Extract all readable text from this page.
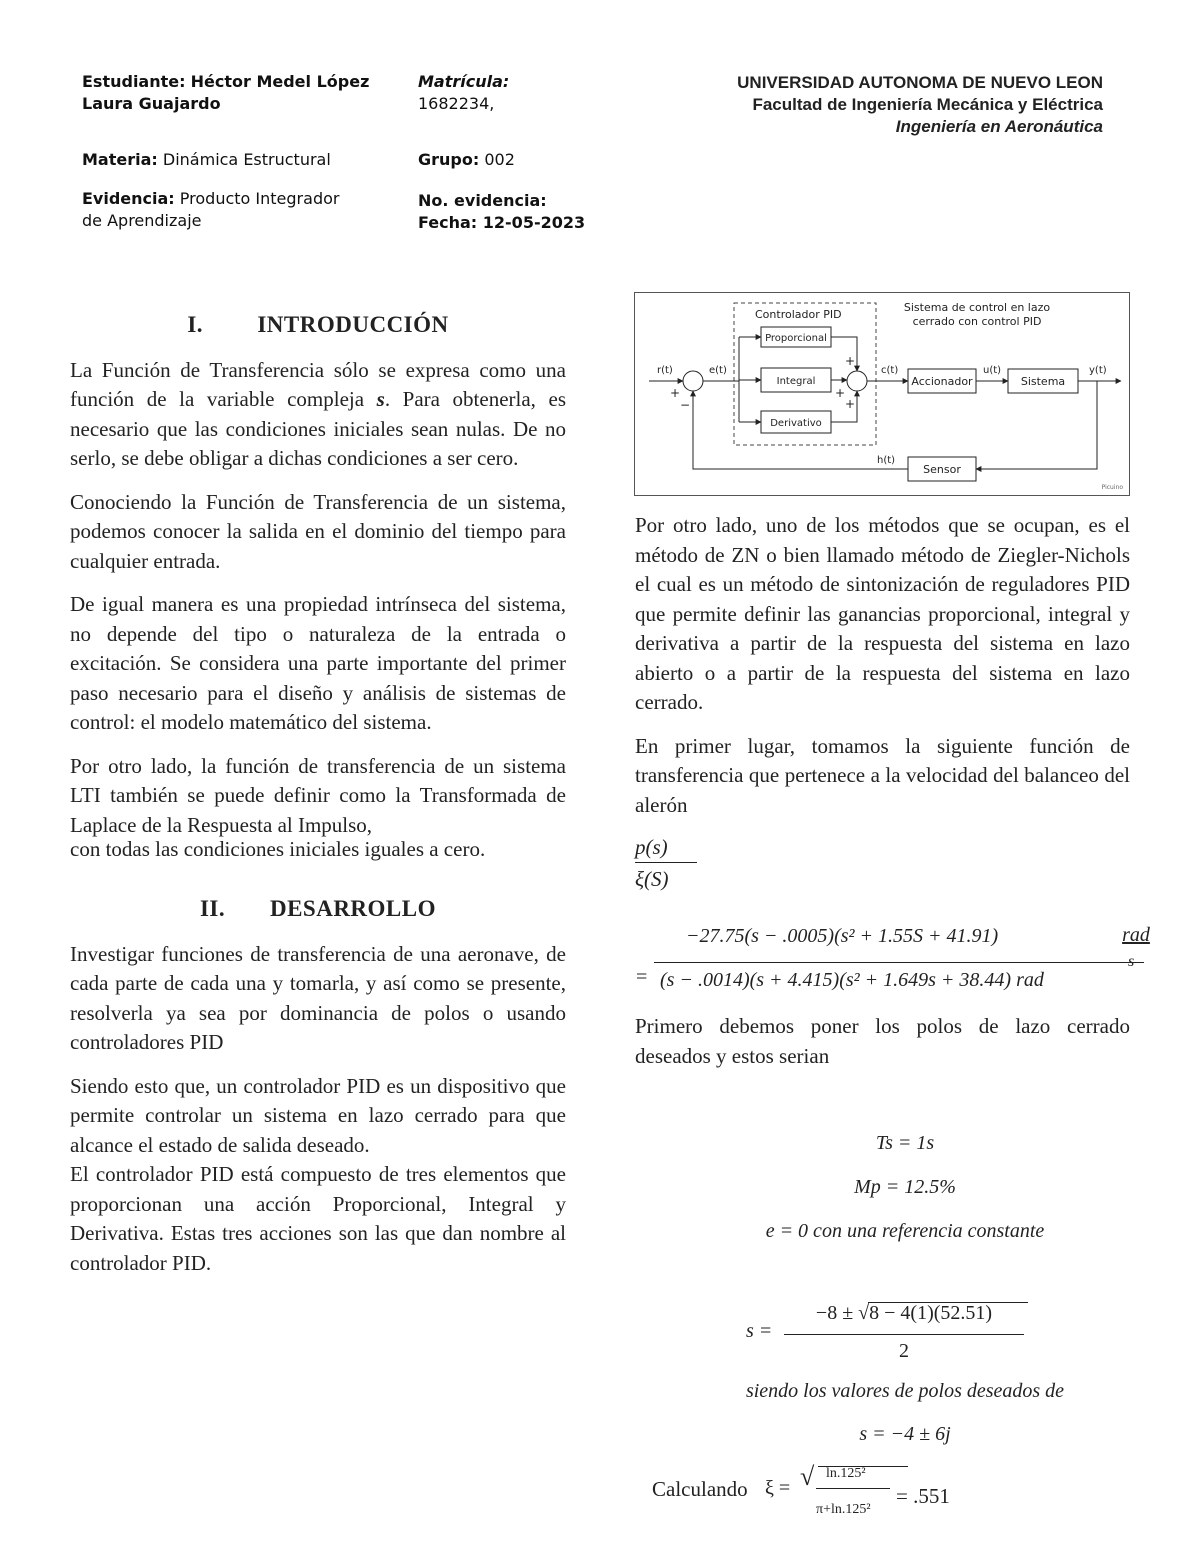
Estudiante: Héctor Medel López
Laura Guajardo
Matrícula:
1682234,
UNIVERSIDAD AUTONOMA DE NUEVO LEON
Facultad de Ingeniería Mecánica y Eléctrica
Ingeniería en Aeronáutica
Materia: Dinámica Estructural	Grupo: 002
Evidencia: Producto Integrador
de Aprendizaje
No. evidencia:
Fecha: 12-05-2023
I. INTRODUCCIÓN

La Función de Transferencia sólo se expresa como una función de la variable compleja s. Para obtenerla, es necesario que las condiciones iniciales sean nulas. De no serlo, se debe obligar a dichas condiciones a ser cero.

Conociendo la Función de Transferencia de un sistema, podemos conocer la salida en el dominio del tiempo para cualquier entrada.

De igual manera es una propiedad intrínseca del sistema, no depende del tipo o naturaleza de la entrada o excitación. Se considera una parte importante del primer paso necesario para el diseño y análisis de sistemas de control: el modelo matemático del sistema.

Por otro lado, la función de transferencia de un sistema LTI también se puede definir como la Transformada de Laplace de la Respuesta al Impulso,

con todas las condiciones iniciales iguales a cero.

II. DESARROLLO

Investigar funciones de transferencia de una aeronave, de cada parte de cada una y tomarla, y así como se presente, resolverla ya sea por dominancia de polos o usando controladores PID

Siendo esto que, un controlador PID es un dispositivo que permite controlar un sistema en lazo cerrado para que alcance el estado de salida deseado.

El controlador PID está compuesto de tres elementos que proporcionan una acción Proporcional, Integral y Derivativa. Estas tres acciones son las que dan nombre al controlador PID.

Controlador PID
Sistema de control en lazo
cerrado con control PID
Proporcional
Integral
Derivativo
Accionador	Sistema
Sensor
r(t)	e(t)	c(t)	u(t)	y(t)
h(t)
+
−
+
+
+
Picuino

Por otro lado, uno de los métodos que se ocupan, es el método de ZN o bien llamado método de Ziegler-Nichols el cual es un método de sintonización de reguladores PID que permite definir las ganancias proporcional, integral y derivativa a partir de la respuesta del sistema en lazo abierto o a partir de la respuesta del sistema en lazo cerrado.

En primer lugar, tomamos la siguiente función de transferencia que pertenece a la velocidad del balanceo del alerón

$\frac{p(s)}{\xi(S)}$
−27.75(s − .0005)(s² + 1.55S + 41.91)
= (s − .0014)(s + 4.415)(s² + 1.649s + 38.44) rad
rad
s

Primero debemos poner los polos de lazo cerrado deseados y estos serian

Ts = 1s
Mp = 12.5%
e = 0 con una referencia constante
s =
−8 ± √8 − 4(1)(52.51)
2
siendo los valores de polos deseados de
s = −4 ± 6j
Calculando ξ = √ ln.125²
π+ln.125²
= .551
